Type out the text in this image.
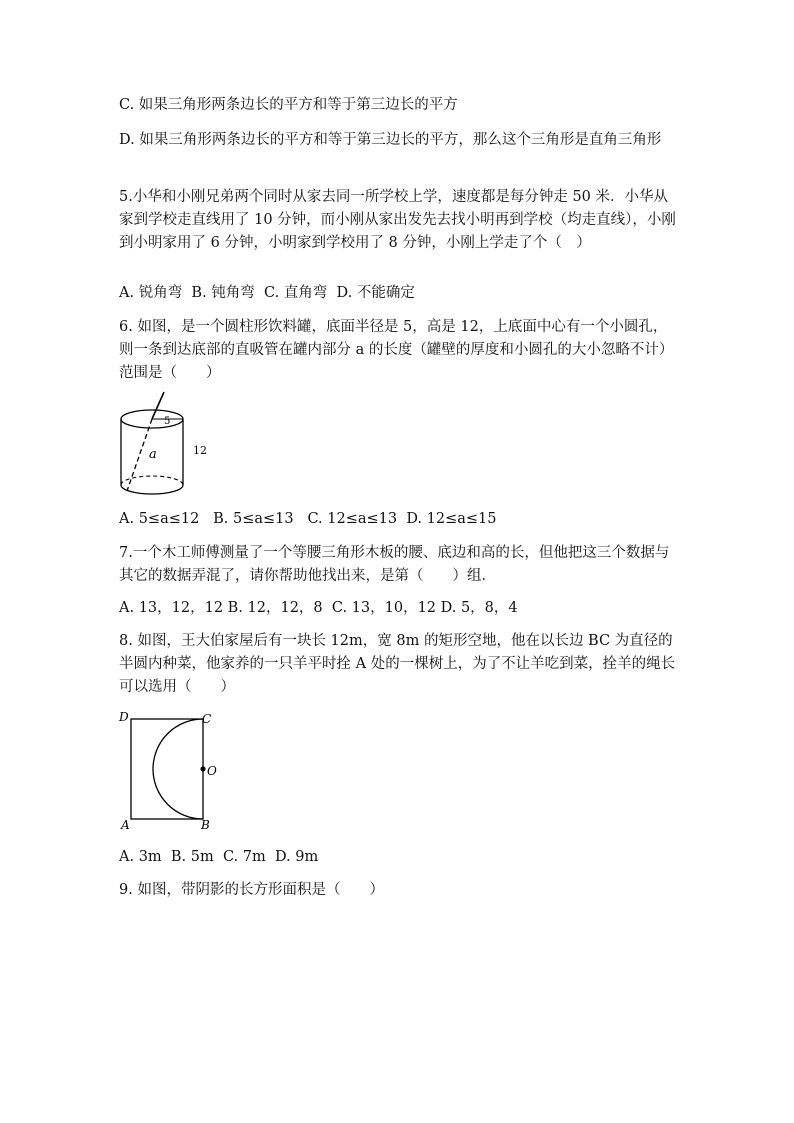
C. 如果三角形两条边长的平方和等于第三边长的平方

D. 如果三角形两条边长的平方和等于第三边长的平方，那么这个三角形是直角三角形

5.小华和小刚兄弟两个同时从家去同一所学校上学，速度都是每分钟走 50 米．小华从家到学校走直线用了 10 分钟，而小刚从家出发先去找小明再到学校（均走直线），小刚到小明家用了 6 分钟，小明家到学校用了 8 分钟，小刚上学走了个（　）

A. 锐角弯  B. 钝角弯  C. 直角弯  D. 不能确定

6. 如图，是一个圆柱形饮料罐，底面半径是 5，高是 12，上底面中心有一个小圆孔，则一条到达底部的直吸管在罐内部分 a 的长度（罐壁的厚度和小圆孔的大小忽略不计）范围是（　　）

5
a	12

A. 5≤a≤12   B. 5≤a≤13   C. 12≤a≤13  D. 12≤a≤15

7.一个木工师傅测量了一个等腰三角形木板的腰、底边和高的长，但他把这三个数据与其它的数据弄混了，请你帮助他找出来，是第（　　）组．

A. 13，12，12 B. 12，12，8  C. 13，10，12 D. 5，8，4

8. 如图，王大伯家屋后有一块长 12m，宽 8m 的矩形空地，他在以长边 BC 为直径的半圆内种菜，他家养的一只羊平时拴 A 处的一棵树上，为了不让羊吃到菜，拴羊的绳长可以选用（　　）

D	C
O
A	B

A. 3m  B. 5m  C. 7m  D. 9m

9. 如图，带阴影的长方形面积是（　　）
